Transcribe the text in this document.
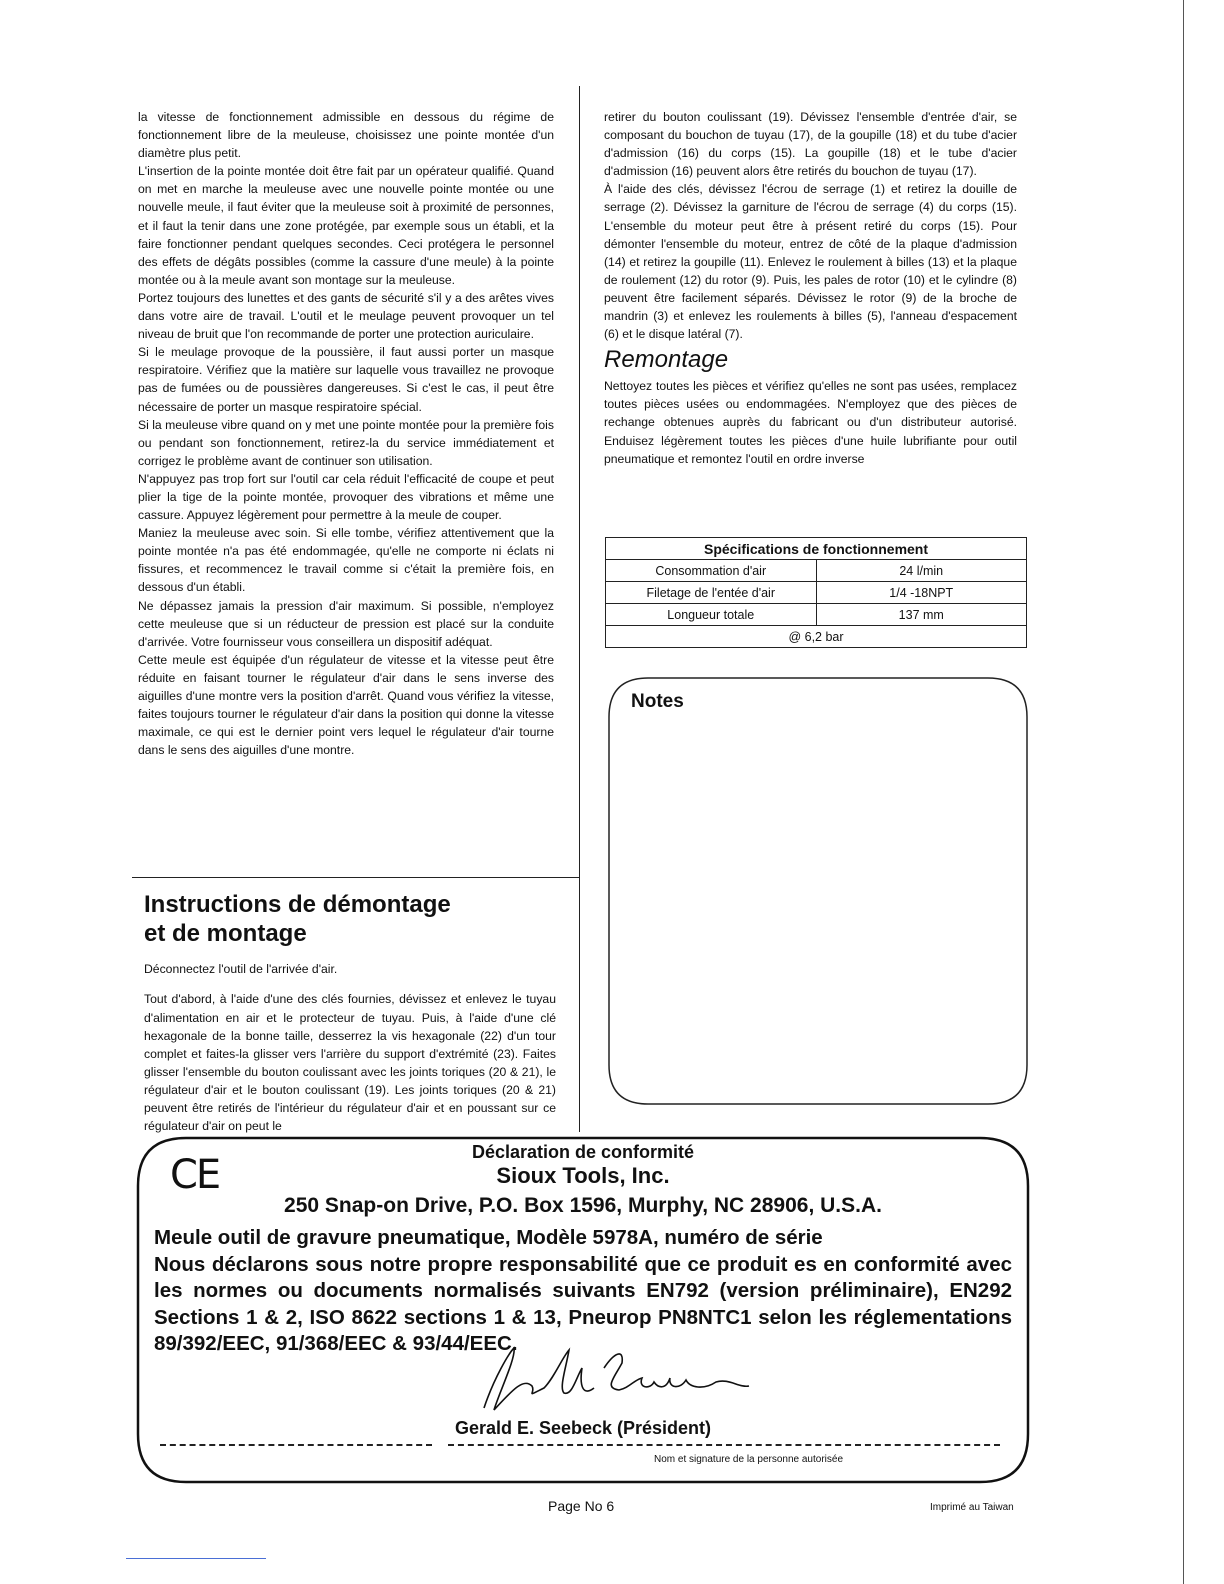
la vitesse de fonctionnement admissible en dessous du régime de fonctionnement libre de la meuleuse, choisissez une pointe montée d'un diamètre plus petit.

L'insertion de la pointe montée doit être fait par un opérateur qualifié. Quand on met en marche la meuleuse avec une nouvelle pointe montée ou une nouvelle meule, il faut éviter que la meuleuse soit à proximité de personnes, et il faut la tenir dans une zone protégée, par exemple sous un établi, et la faire fonctionner pendant quelques secondes. Ceci protégera le personnel des effets de dégâts possibles (comme la cassure d'une meule) à la pointe montée ou à la meule avant son montage sur la meuleuse.

Portez toujours des lunettes et des gants de sécurité s'il y a des arêtes vives dans votre aire de travail. L'outil et le meulage peuvent provoquer un tel niveau de bruit que l'on recommande de porter une protection auriculaire.

Si le meulage provoque de la poussière, il faut aussi porter un masque respiratoire. Vérifiez que la matière sur laquelle vous travaillez ne provoque pas de fumées ou de poussières dangereuses. Si c'est le cas, il peut être nécessaire de porter un masque respiratoire spécial.

Si la meuleuse vibre quand on y met une pointe montée pour la première fois ou pendant son fonctionnement, retirez-la du service immédiatement et corrigez le problème avant de continuer son utilisation.

N'appuyez pas trop fort sur l'outil car cela réduit l'efficacité de coupe et peut plier la tige de la pointe montée, provoquer des vibrations et même une cassure. Appuyez légèrement pour permettre à la meule de couper.

Maniez la meuleuse avec soin. Si elle tombe, vérifiez attentivement que la pointe montée n'a pas été endommagée, qu'elle ne comporte ni éclats ni fissures, et recommencez le travail comme si c'était la première fois, en dessous d'un établi.

Ne dépassez jamais la pression d'air maximum. Si possible, n'employez cette meuleuse que si un réducteur de pression est placé sur la conduite d'arrivée. Votre fournisseur vous conseillera un dispositif adéquat.

Cette meule est équipée d'un régulateur de vitesse et la vitesse peut être réduite en faisant tourner le régulateur d'air dans le sens inverse des aiguilles d'une montre vers la position d'arrêt. Quand vous vérifiez la vitesse, faites toujours tourner le régulateur d'air dans la position qui donne la vitesse maximale, ce qui est le dernier point vers lequel le régulateur d'air tourne dans le sens des aiguilles d'une montre.

Instructions de démontage
et de montage

Déconnectez l'outil de l'arrivée d'air.

Tout d'abord, à l'aide d'une des clés fournies, dévissez et enlevez le tuyau d'alimentation en air et le protecteur de tuyau. Puis, à l'aide d'une clé hexagonale de la bonne taille, desserrez la vis hexagonale (22) d'un tour complet et faites-la glisser vers l'arrière du support d'extrémité (23). Faites glisser l'ensemble du bouton coulissant avec les joints toriques (20 & 21), le régulateur d'air et le bouton coulissant (19). Les joints toriques (20 & 21) peuvent être retirés de l'intérieur du régulateur d'air et en poussant sur ce régulateur d'air on peut le

retirer du bouton coulissant (19). Dévissez l'ensemble d'entrée d'air, se composant du bouchon de tuyau (17), de la goupille (18) et du tube d'acier d'admission (16) du corps (15). La goupille (18) et le tube d'acier d'admission (16) peuvent alors être retirés du bouchon de tuyau (17).

À l'aide des clés, dévissez l'écrou de serrage (1) et retirez la douille de serrage (2). Dévissez la garniture de l'écrou de serrage (4) du corps (15). L'ensemble du moteur peut être à présent retiré du corps (15). Pour démonter l'ensemble du moteur, entrez de côté de la plaque d'admission (14) et retirez la goupille (11). Enlevez le roulement à billes (13) et la plaque de roulement (12) du rotor (9). Puis, les pales de rotor (10) et le cylindre (8) peuvent être facilement séparés. Dévissez le rotor (9) de la broche de mandrin (3) et enlevez les roulements à billes (5), l'anneau d'espacement (6) et le disque latéral (7).

Remontage

Nettoyez toutes les pièces et vérifiez qu'elles ne sont pas usées, remplacez toutes pièces usées ou endommagées. N'employez que des pièces de rechange obtenues auprès du fabricant ou d'un distributeur autorisé. Enduisez légèrement toutes les pièces d'une huile lubrifiante pour outil pneumatique et remontez l'outil en ordre inverse

Spécifications de fonctionnement	
Consommation d'air	24 l/min
Filetage de l'entée d'air	1/4 -18NPT
Longueur totale	137 mm
@ 6,2 bar	
Notes
CE	Déclaration de conformité
Sioux Tools, Inc.
250 Snap-on Drive, P.O. Box 1596, Murphy, NC 28906, U.S.A.
Meule outil de gravure pneumatique, Modèle 5978A, numéro de série
Nous déclarons sous notre propre responsabilité que ce produit es en conformité avec les normes ou documents normalisés suivants EN792 (version préliminaire), EN292 Sections 1 & 2, ISO 8622 sections 1 & 13, Pneurop PN8NTC1 selon les réglementations 89/392/EEC, 91/368/EEC & 93/44/EEC.
Gerald E. Seebeck (Président)
Nom et signature de la personne autorisée
Page No 6	Imprimé au Taiwan
